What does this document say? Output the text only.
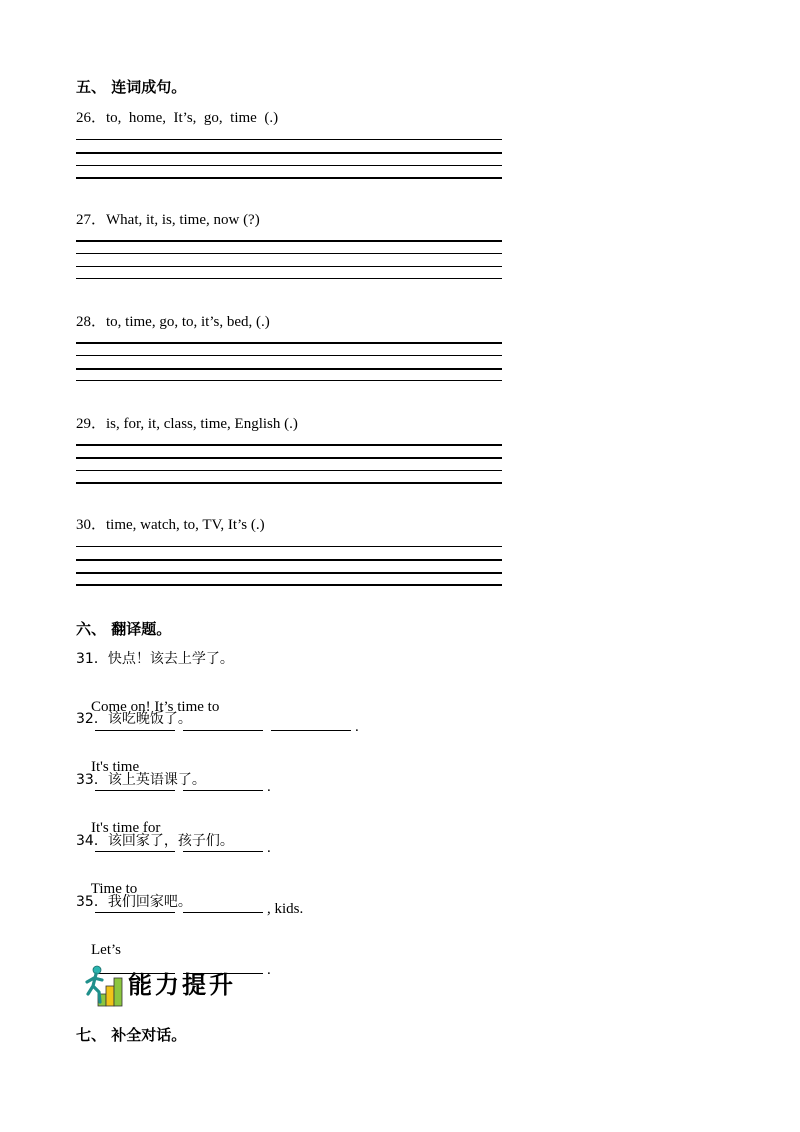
五、 连词成句。
26．to,  home,  It’s,  go,  time  (.)
27．What, it, is, time, now (?)
28．to, time, go, to, it’s, bed, (.)
29．is, for, it, class, time, English (.)
30．time, watch, to, TV, It’s (.)
六、 翻译题。
31．快点！该去上学了。

Come on! It’s time to
.

32．该吃晚饭了。

It's time
.

33．该上英语课了。

It's time for
.

34．该回家了，孩子们。

Time to
, kids.

35．我们回家吧。

Let’s
.

能力提升
七、 补全对话。
